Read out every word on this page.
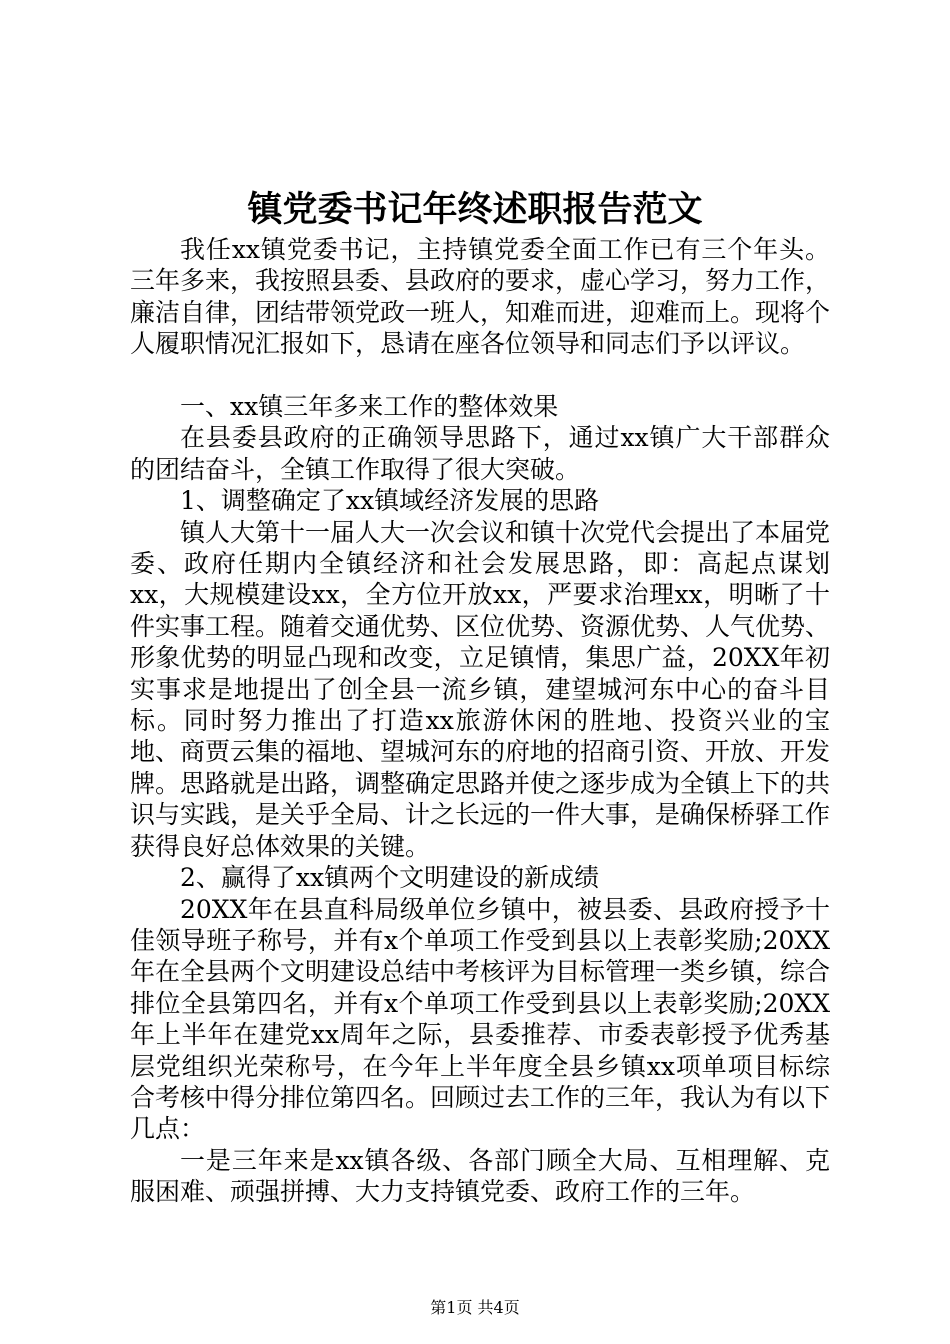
镇党委书记年终述职报告范文

我任xx镇党委书记，主持镇党委全面工作已有三个年头。三年多来，我按照县委、县政府的要求，虚心学习，努力工作，廉洁自律，团结带领党政一班人，知难而进，迎难而上。现将个人履职情况汇报如下，恳请在座各位领导和同志们予以评议。

一、xx镇三年多来工作的整体效果

在县委县政府的正确领导思路下，通过xx镇广大干部群众的团结奋斗，全镇工作取得了很大突破。

1、调整确定了xx镇域经济发展的思路

镇人大第十一届人大一次会议和镇十次党代会提出了本届党委、政府任期内全镇经济和社会发展思路，即：高起点谋划xx，大规模建设xx，全方位开放xx，严要求治理xx，明晰了十件实事工程。随着交通优势、区位优势、资源优势、人气优势、形象优势的明显凸现和改变，立足镇情，集思广益，20XX年初实事求是地提出了创全县一流乡镇，建望城河东中心的奋斗目标。同时努力推出了打造xx旅游休闲的胜地、投资兴业的宝地、商贾云集的福地、望城河东的府地的招商引资、开放、开发牌。思路就是出路，调整确定思路并使之逐步成为全镇上下的共识与实践，是关乎全局、计之长远的一件大事，是确保桥驿工作获得良好总体效果的关键。

2、赢得了xx镇两个文明建设的新成绩

20XX年在县直科局级单位乡镇中，被县委、县政府授予十佳领导班子称号，并有x个单项工作受到县以上表彰奖励;20XX年在全县两个文明建设总结中考核评为目标管理一类乡镇，综合排位全县第四名，并有x个单项工作受到县以上表彰奖励;20XX年上半年在建党xx周年之际，县委推荐、市委表彰授予优秀基层党组织光荣称号，在今年上半年度全县乡镇xx项单项目标综合考核中得分排位第四名。回顾过去工作的三年，我认为有以下几点：

一是三年来是xx镇各级、各部门顾全大局、互相理解、克服困难、顽强拼搏、大力支持镇党委、政府工作的三年。

第1页 共4页
